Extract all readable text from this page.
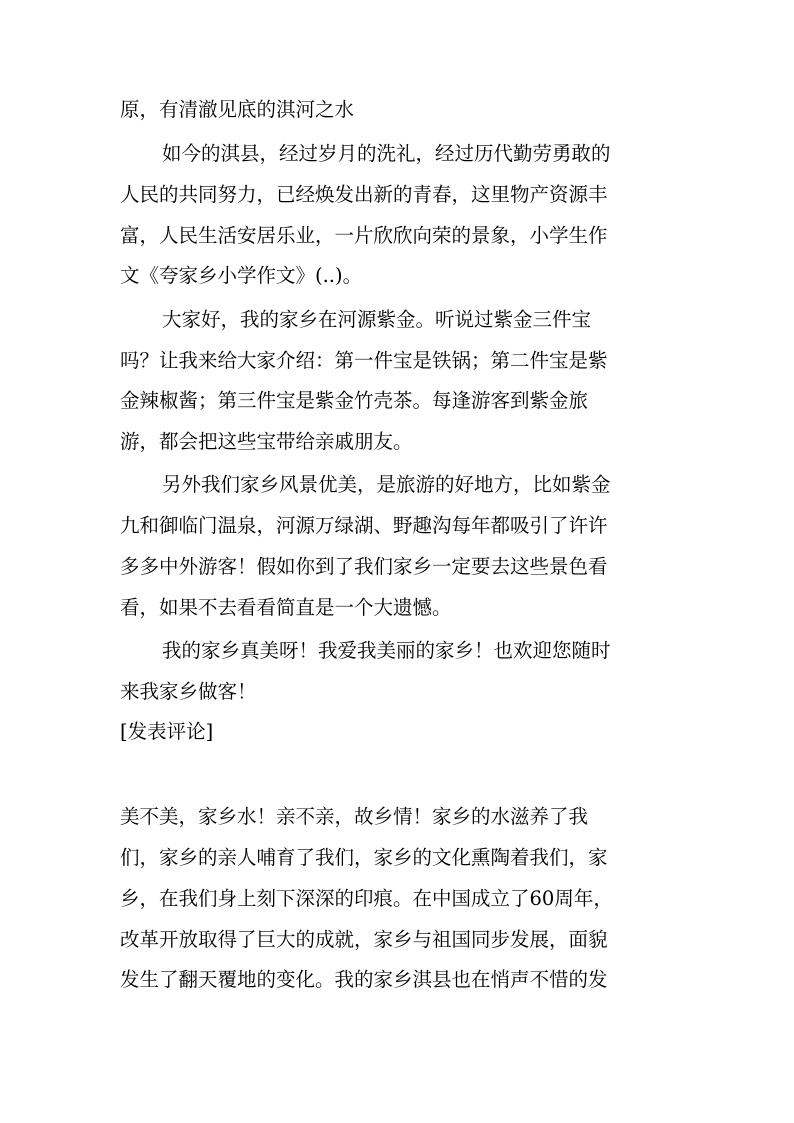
原，有清澈见底的淇河之水
如今的淇县，经过岁月的洗礼，经过历代勤劳勇敢的
人民的共同努力，已经焕发出新的青春，这里物产资源丰
富，人民生活安居乐业，一片欣欣向荣的景象，小学生作
文《夸家乡小学作文》(..)。
大家好，我的家乡在河源紫金。听说过紫金三件宝
吗？让我来给大家介绍：第一件宝是铁锅；第二件宝是紫
金辣椒酱；第三件宝是紫金竹壳茶。每逢游客到紫金旅
游，都会把这些宝带给亲戚朋友。
另外我们家乡风景优美，是旅游的好地方，比如紫金
九和御临门温泉，河源万绿湖、野趣沟每年都吸引了许许
多多中外游客！假如你到了我们家乡一定要去这些景色看
看，如果不去看看简直是一个大遗憾。
我的家乡真美呀！我爱我美丽的家乡！也欢迎您随时
来我家乡做客！
[发表评论]
美不美，家乡水！亲不亲，故乡情！家乡的水滋养了我
们，家乡的亲人哺育了我们，家乡的文化熏陶着我们，家
乡，在我们身上刻下深深的印痕。在中国成立了60周年，
改革开放取得了巨大的成就，家乡与祖国同步发展，面貌
发生了翻天覆地的变化。我的家乡淇县也在悄声不惜的发
